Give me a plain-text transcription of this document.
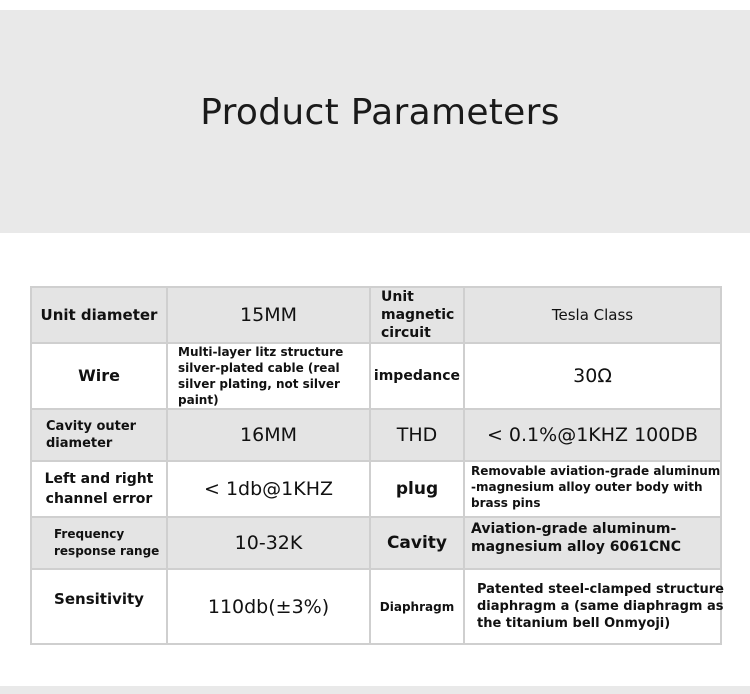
Product Parameters
Unit diameter	15MM	Unit magnetic circuit	Tesla Class

Wire	Multi-layer litz structure silver-plated cable (real silver plating, not silver paint)	impedance	30Ω

Cavity outer diameter	16MM	THD	< 0.1%@1KHZ 100DB

Left and right channel error	< 1db@1KHZ	plug	Removable aviation-grade aluminum -magnesium alloy outer body with brass pins

Frequency response range	10-32K	Cavity	Aviation-grade aluminum-magnesium alloy 6061CNC

Sensitivity	110db(±3%)	Diaphragm	Patented steel-clamped structure diaphragm a (same diaphragm as the titanium bell Onmyoji)
